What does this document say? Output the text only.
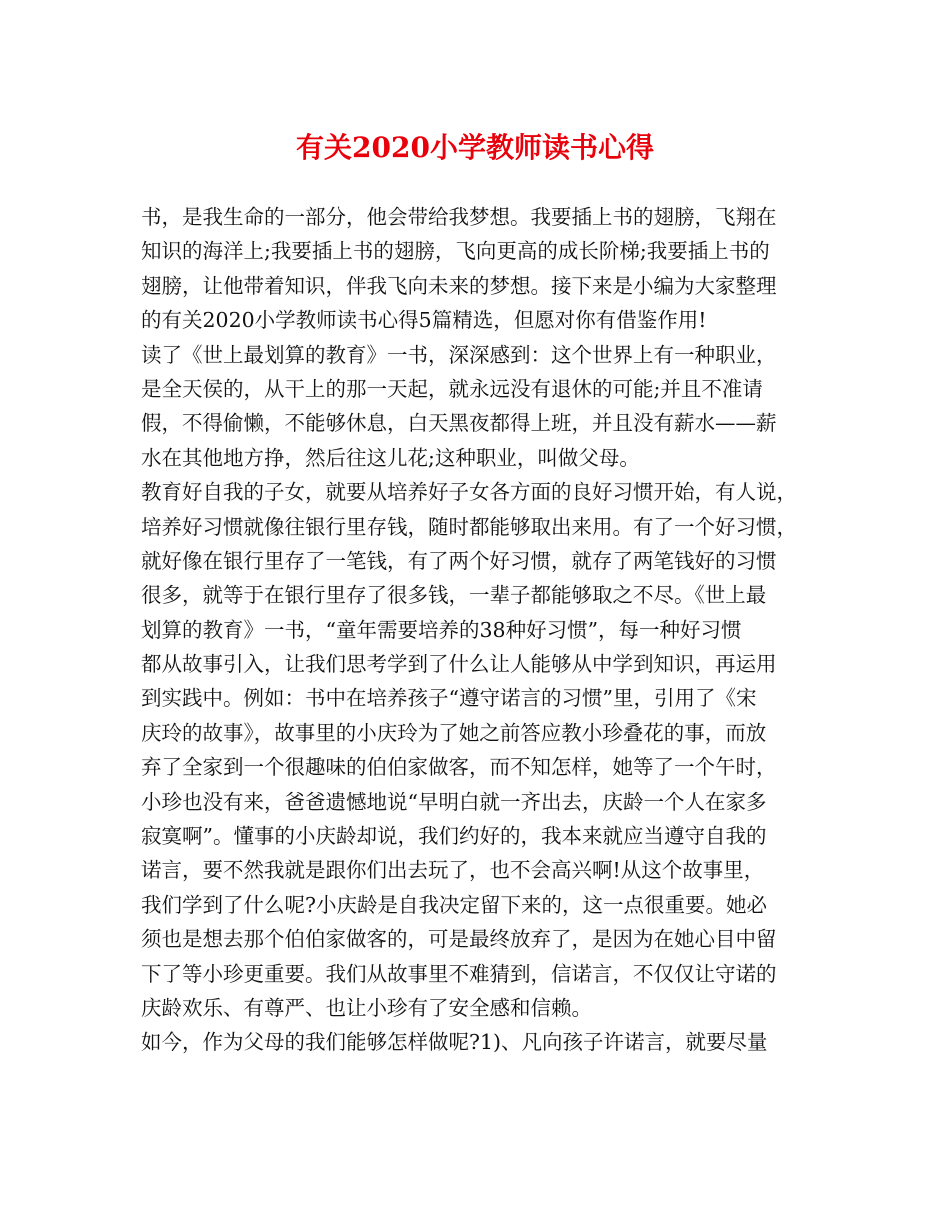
有关2020小学教师读书心得
书，是我生命的一部分，他会带给我梦想。我要插上书的翅膀，飞翔在
知识的海洋上;我要插上书的翅膀，飞向更高的成长阶梯;我要插上书的
翅膀，让他带着知识，伴我飞向未来的梦想。接下来是小编为大家整理
的有关2020小学教师读书心得5篇精选，但愿对你有借鉴作用!
读了《世上最划算的教育》一书，深深感到：这个世界上有一种职业，
是全天侯的，从干上的那一天起，就永远没有退休的可能;并且不准请
假，不得偷懒，不能够休息，白天黑夜都得上班，并且没有薪水——薪
水在其他地方挣，然后往这儿花;这种职业，叫做父母。
教育好自我的子女，就要从培养好子女各方面的良好习惯开始，有人说，
培养好习惯就像往银行里存钱，随时都能够取出来用。有了一个好习惯，
就好像在银行里存了一笔钱，有了两个好习惯，就存了两笔钱好的习惯
很多，就等于在银行里存了很多钱，一辈子都能够取之不尽。《世上最
划算的教育》一书，“童年需要培养的38种好习惯”，每一种好习惯
都从故事引入，让我们思考学到了什么让人能够从中学到知识，再运用
到实践中。例如：书中在培养孩子“遵守诺言的习惯”里，引用了《宋
庆玲的故事》，故事里的小庆玲为了她之前答应教小珍叠花的事，而放
弃了全家到一个很趣味的伯伯家做客，而不知怎样，她等了一个午时，
小珍也没有来，爸爸遗憾地说“早明白就一齐出去，庆龄一个人在家多
寂寞啊”。懂事的小庆龄却说，我们约好的，我本来就应当遵守自我的
诺言，要不然我就是跟你们出去玩了，也不会高兴啊!从这个故事里，
我们学到了什么呢?小庆龄是自我决定留下来的，这一点很重要。她必
须也是想去那个伯伯家做客的，可是最终放弃了，是因为在她心目中留
下了等小珍更重要。我们从故事里不难猜到，信诺言，不仅仅让守诺的
庆龄欢乐、有尊严、也让小珍有了安全感和信赖。
如今，作为父母的我们能够怎样做呢?1)、凡向孩子许诺言，就要尽量
